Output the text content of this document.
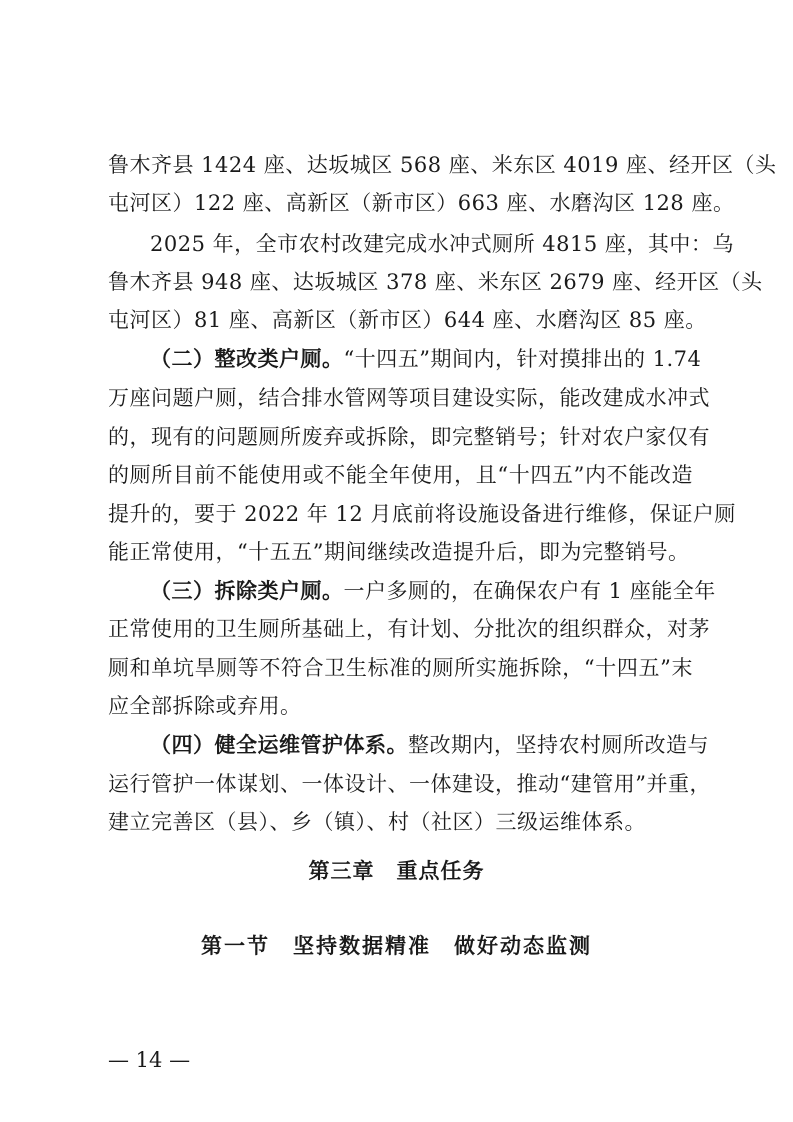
鲁木齐县 1424 座、达坂城区 568 座、米东区 4019 座、经开区（头
屯河区）122 座、高新区（新市区）663 座、水磨沟区 128 座。
2025 年，全市农村改建完成水冲式厕所 4815 座，其中：乌
鲁木齐县 948 座、达坂城区 378 座、米东区 2679 座、经开区（头
屯河区）81 座、高新区（新市区）644 座、水磨沟区 85 座。
（二）整改类户厕。“十四五”期间内，针对摸排出的 1.74
万座问题户厕，结合排水管网等项目建设实际，能改建成水冲式
的，现有的问题厕所废弃或拆除，即完整销号；针对农户家仅有
的厕所目前不能使用或不能全年使用，且“十四五”内不能改造
提升的，要于 2022 年 12 月底前将设施设备进行维修，保证户厕
能正常使用，“十五五”期间继续改造提升后，即为完整销号。
（三）拆除类户厕。一户多厕的，在确保农户有 1 座能全年
正常使用的卫生厕所基础上，有计划、分批次的组织群众，对茅
厕和单坑旱厕等不符合卫生标准的厕所实施拆除，“十四五”末
应全部拆除或弃用。
（四）健全运维管护体系。整改期内，坚持农村厕所改造与
运行管护一体谋划、一体设计、一体建设，推动“建管用”并重，
建立完善区（县）、乡（镇）、村（社区）三级运维体系。
第三章　重点任务
第一节　坚持数据精准　做好动态监测
— 14 —
